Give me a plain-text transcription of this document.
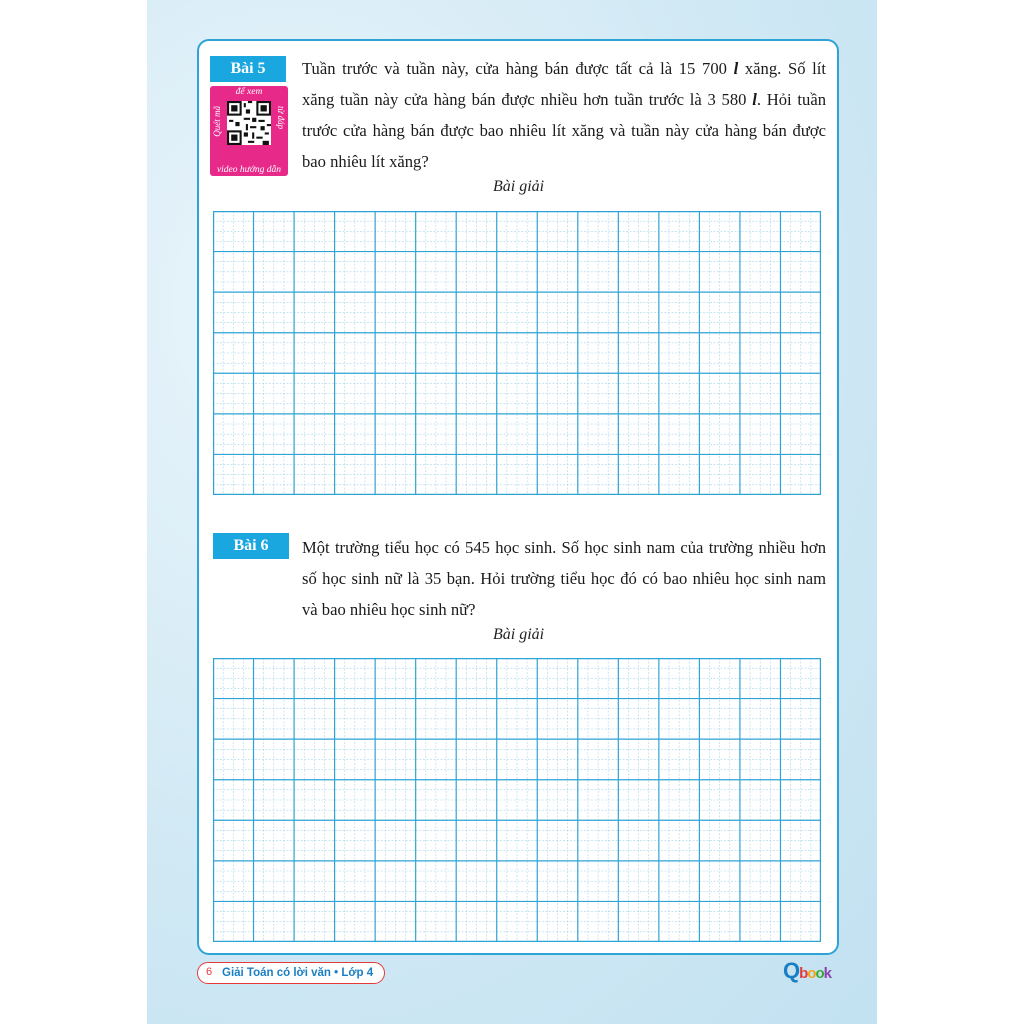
Bài 5
để xem
Quét mã	từ đáp
video hướng dẫn
Tuần trước và tuần này, cửa hàng bán được tất cả là 15 700 l xăng. Số lít
xăng tuần này cửa hàng bán được nhiều hơn tuần trước là 3 580 l. Hỏi tuần
trước cửa hàng bán được bao nhiêu lít xăng và tuần này cửa hàng bán được
bao nhiêu lít xăng?
Bài giải
Bài 6	Một trường tiểu học có 545 học sinh. Số học sinh nam của trường nhiều hơn
số học sinh nữ là 35 bạn. Hỏi trường tiểu học đó có bao nhiêu học sinh nam
và bao nhiêu học sinh nữ?
Bài giải
6 Giải Toán có lời văn • Lớp 4	Qbook
